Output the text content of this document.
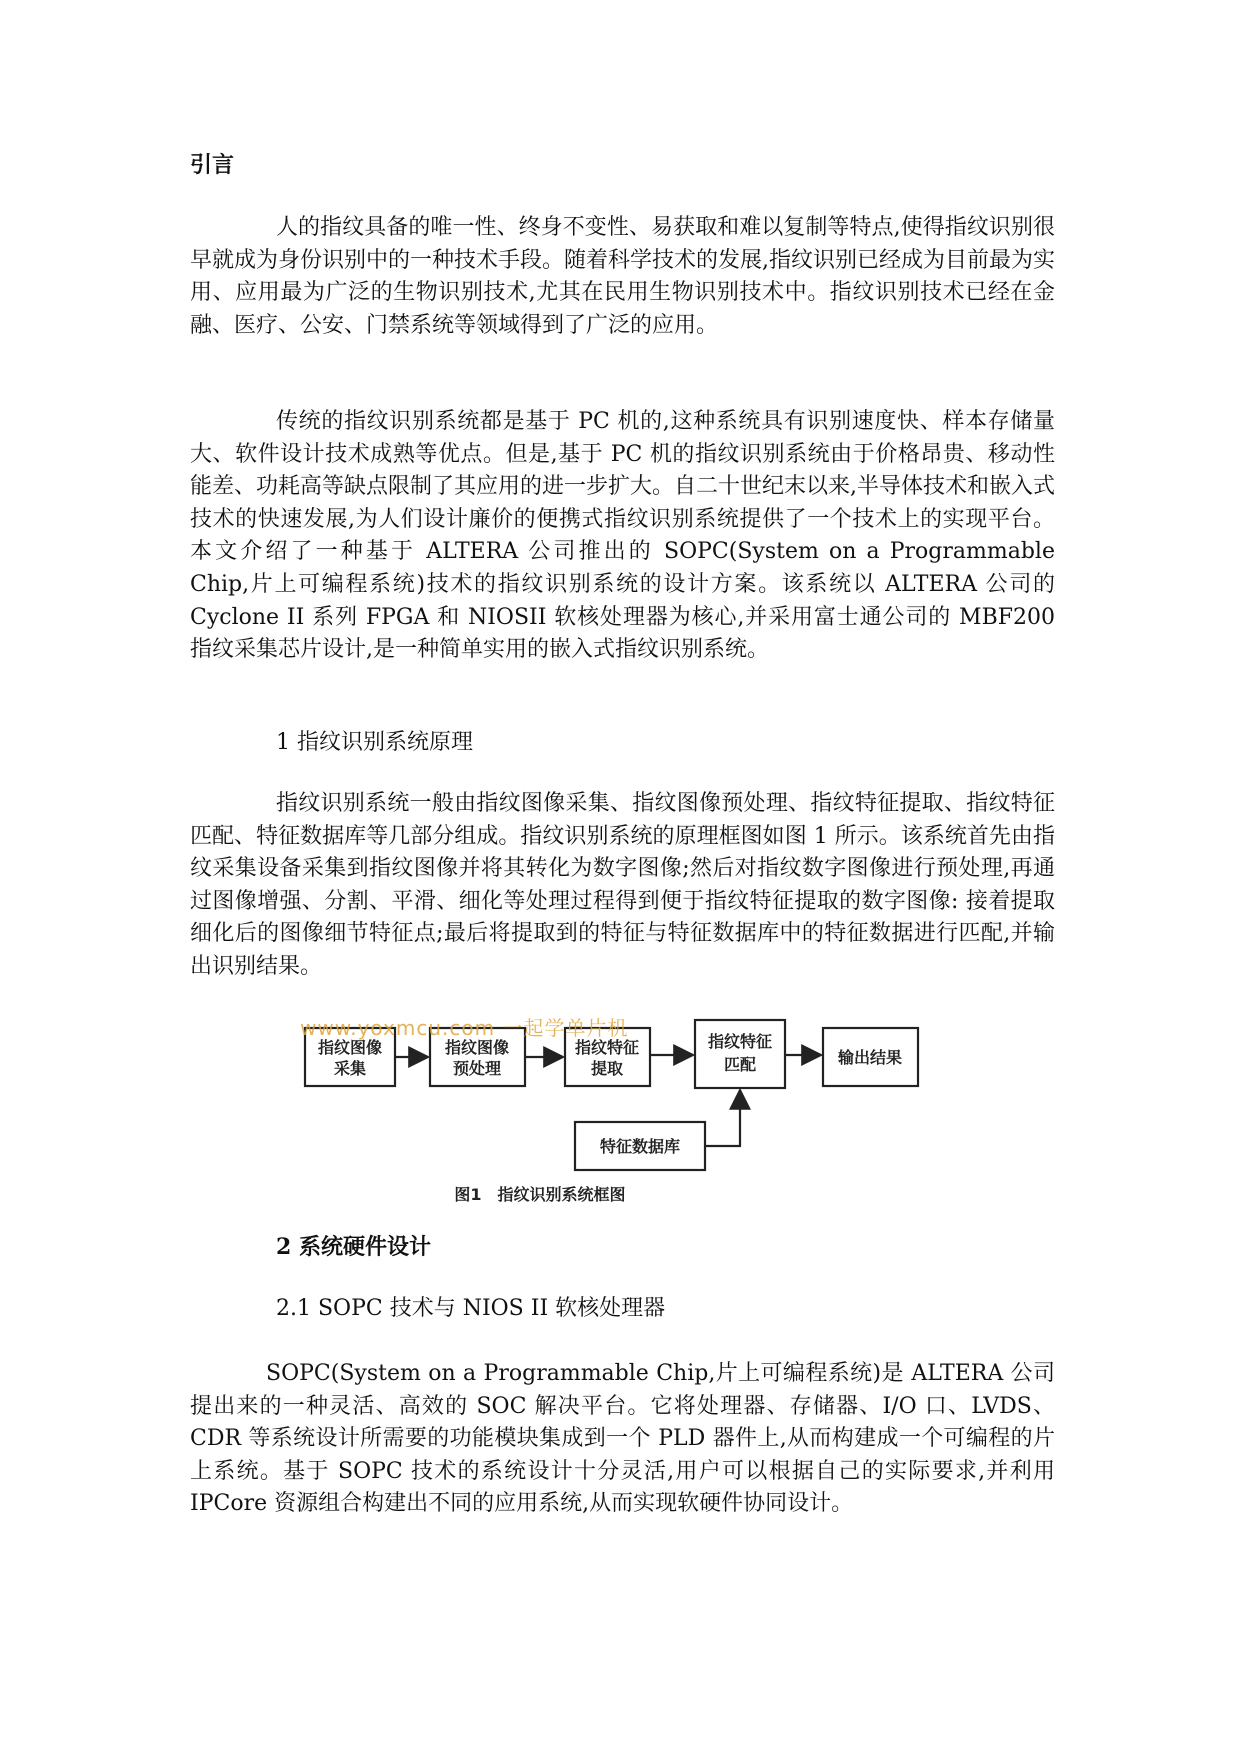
引言

人的指纹具备的唯一性、终身不变性、易获取和难以复制等特点,使得指纹识别很早就成为身份识别中的一种技术手段。随着科学技术的发展,指纹识别已经成为目前最为实用、应用最为广泛的生物识别技术,尤其在民用生物识别技术中。指纹识别技术已经在金融、医疗、公安、门禁系统等领域得到了广泛的应用。

传统的指纹识别系统都是基于 PC 机的,这种系统具有识别速度快、样本存储量大、软件设计技术成熟等优点。但是,基于 PC 机的指纹识别系统由于价格昂贵、移动性能差、功耗高等缺点限制了其应用的进一步扩大。自二十世纪末以来,半导体技术和嵌入式技术的快速发展,为人们设计廉价的便携式指纹识别系统提供了一个技术上的实现平台。 本文介绍了一种基于 ALTERA 公司推出的 SOPC(System on a Programmable Chip,片上可编程系统)技术的指纹识别系统的设计方案。该系统以 ALTERA 公司的 Cyclone II 系列 FPGA 和 NIOSII 软核处理器为核心,并采用富士通公司的 MBF200 指纹采集芯片设计,是一种简单实用的嵌入式指纹识别系统。

1 指纹识别系统原理

指纹识别系统一般由指纹图像采集、指纹图像预处理、指纹特征提取、指纹特征匹配、特征数据库等几部分组成。指纹识别系统的原理框图如图 1 所示。该系统首先由指纹采集设备采集到指纹图像并将其转化为数字图像;然后对指纹数字图像进行预处理,再通过图像增强、分割、平滑、细化等处理过程得到便于指纹特征提取的数字图像: 接着提取细化后的图像细节特征点;最后将提取到的特征与特征数据库中的特征数据进行匹配,并输出识别结果。

指纹图像
采集
指纹图像
预处理
指纹特征
提取
指纹特征
匹配	输出结果
特征数据库
图1　指纹识别系统框图
www.yoxmcu.com 一起学单片机
2 系统硬件设计
2.1 SOPC 技术与 NIOS II 软核处理器

SOPC(System on a Programmable Chip,片上可编程系统)是 ALTERA 公司提出来的一种灵活、高效的 SOC 解决平台。它将处理器、存储器、I/O 口、LVDS、CDR 等系统设计所需要的功能模块集成到一个 PLD 器件上,从而构建成一个可编程的片上系统。基于 SOPC 技术的系统设计十分灵活,用户可以根据自己的实际要求,并利用 IPCore 资源组合构建出不同的应用系统,从而实现软硬件协同设计。
